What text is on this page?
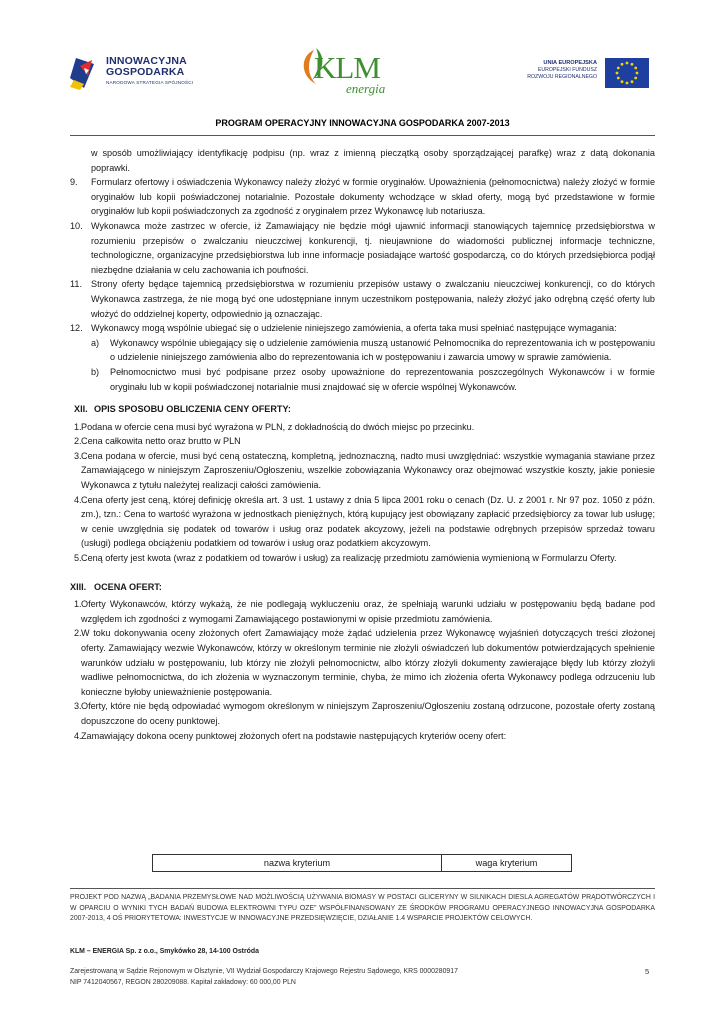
INNOWACYJNA
GOSPODARKA
NARODOWA STRATEGIA SPÓJNOŚCI	KLM
energia
UNIA EUROPEJSKA
EUROPEJSKI FUNDUSZ
ROZWOJU REGIONALNEGO
PROGRAM OPERACYJNY INNOWACYJNA GOSPODARKA 2007-2013

w sposób umożliwiający identyfikację podpisu (np. wraz z imienną pieczątką osoby sporządzającej parafkę) wraz z datą dokonania poprawki.

9. Formularz ofertowy i oświadczenia Wykonawcy należy złożyć w formie oryginałów. Upoważnienia (pełnomocnictwa) należy złożyć w formie oryginałów lub kopii poświadczonej notarialnie. Pozostałe dokumenty wchodzące w skład oferty, mogą być przedstawione w formie oryginałów lub kopii poświadczonych za zgodność z oryginałem przez Wykonawcę lub notariusza.
10. Wykonawca może zastrzec w ofercie, iż Zamawiający nie będzie mógł ujawnić informacji stanowiących tajemnicę przedsiębiorstwa w rozumieniu przepisów o zwalczaniu nieuczciwej konkurencji, tj. nieujawnione do wiadomości publicznej informacje techniczne, technologiczne, organizacyjne przedsiębiorstwa lub inne informacje posiadające wartość gospodarczą, co do których przedsiębiorca podjął niezbędne działania w celu zachowania ich poufności.
11. Strony oferty będące tajemnicą przedsiębiorstwa w rozumieniu przepisów ustawy o zwalczaniu nieuczciwej konkurencji, co do których Wykonawca zastrzega, że nie mogą być one udostępniane innym uczestnikom postępowania, należy złożyć jako odrębną część oferty lub włożyć do oddzielnej koperty, odpowiednio ją oznaczając.
12. Wykonawcy mogą wspólnie ubiegać się o udzielenie niniejszego zamówienia, a oferta taka musi spełniać następujące wymagania:
a) Wykonawcy wspólnie ubiegający się o udzielenie zamówienia muszą ustanowić Pełnomocnika do reprezentowania ich w postępowaniu o udzielenie niniejszego zamówienia albo do reprezentowania ich w postępowaniu i zawarcia umowy w sprawie zamówienia.
b) Pełnomocnictwo musi być podpisane przez osoby upoważnione do reprezentowania poszczególnych Wykonawców i w formie oryginału lub w kopii poświadczonej notarialnie musi znajdować się w ofercie wspólnej Wykonawców.
XII. OPIS SPOSOBU OBLICZENIA CENY OFERTY:
1. Podana w ofercie cena musi być wyrażona w PLN, z dokładnością do dwóch miejsc po przecinku.
2. Cena całkowita netto oraz brutto w PLN
3. Cena podana w ofercie, musi być ceną ostateczną, kompletną, jednoznaczną, nadto musi uwzględniać: wszystkie wymagania stawiane przez Zamawiającego w niniejszym Zaproszeniu/Ogłoszeniu, wszelkie zobowiązania Wykonawcy oraz obejmować wszystkie koszty, jakie poniesie Wykonawca z tytułu należytej realizacji całości zamówienia.
4. Cena oferty jest ceną, której definicję określa art. 3 ust. 1 ustawy z dnia 5 lipca 2001 roku o cenach (Dz. U. z 2001 r. Nr 97 poz. 1050 z późn. zm.), tzn.: Cena to wartość wyrażona w jednostkach pieniężnych, którą kupujący jest obowiązany zapłacić przedsiębiorcy za towar lub usługę; w cenie uwzględnia się podatek od towarów i usług oraz podatek akcyzowy, jeżeli na podstawie odrębnych przepisów sprzedaż towaru (usługi) podlega obciążeniu podatkiem od towarów i usług oraz podatkiem akcyzowym.
5. Ceną oferty jest kwota (wraz z podatkiem od towarów i usług) za realizację przedmiotu zamówienia wymienioną w Formularzu Oferty.
XIII. OCENA OFERT:
1. Oferty Wykonawców, którzy wykażą, że nie podlegają wykluczeniu oraz, że spełniają warunki udziału w postępowaniu będą badane pod względem ich zgodności z wymogami Zamawiającego postawionymi w opisie przedmiotu zamówienia.
2. W toku dokonywania oceny złożonych ofert Zamawiający może żądać udzielenia przez Wykonawcę wyjaśnień dotyczących treści złożonej oferty. Zamawiający wezwie Wykonawców, którzy w określonym terminie nie złożyli oświadczeń lub dokumentów potwierdzających spełnienie warunków udziału w postępowaniu, lub którzy nie złożyli pełnomocnictw, albo którzy złożyli dokumenty zawierające błędy lub którzy złożyli wadliwe pełnomocnictwa, do ich złożenia w wyznaczonym terminie, chyba, że mimo ich złożenia oferta Wykonawcy podlega odrzuceniu lub konieczne byłoby unieważnienie postępowania.
3. Oferty, które nie będą odpowiadać wymogom określonym w niniejszym Zaproszeniu/Ogłoszeniu zostaną odrzucone, pozostałe oferty zostaną dopuszczone do oceny punktowej.
4. Zamawiający dokona oceny punktowej złożonych ofert na podstawie następujących kryteriów oceny ofert:
nazwa kryterium	waga kryterium
PROJEKT POD NAZWĄ „BADANIA PRZEMYSŁOWE NAD MOŻLIWOŚCIĄ UŻYWANIA BIOMASY W POSTACI GLICERYNY W SILNIKACH DIESLA AGREGATÓW PRĄDOTWÓRCZYCH I W OPARCIU O WYNIKI TYCH BADAŃ BUDOWA ELEKTROWNI TYPU OZE” WSPÓŁFINANSOWANY ZE ŚRODKÓW PROGRAMU OPERACYJNEGO INNOWACYJNA GOSPODARKA 2007-2013, 4 OŚ PRIORYTETOWA: INWESTYCJE W INNOWACYJNE PRZEDSIĘWZIĘCIE, DZIAŁANIE 1.4 WSPARCIE PROJEKTÓW CELOWYCH.
KLM – ENERGIA Sp. z o.o., Smykówko 28, 14-100 Ostróda
Zarejestrowaną w Sądzie Rejonowym w Olsztynie, VII Wydział Gospodarczy Krajowego Rejestru Sądowego, KRS 0000280917
NIP 7412040567, REGON 280209088. Kapitał zakładowy: 60 000,00 PLN
5
